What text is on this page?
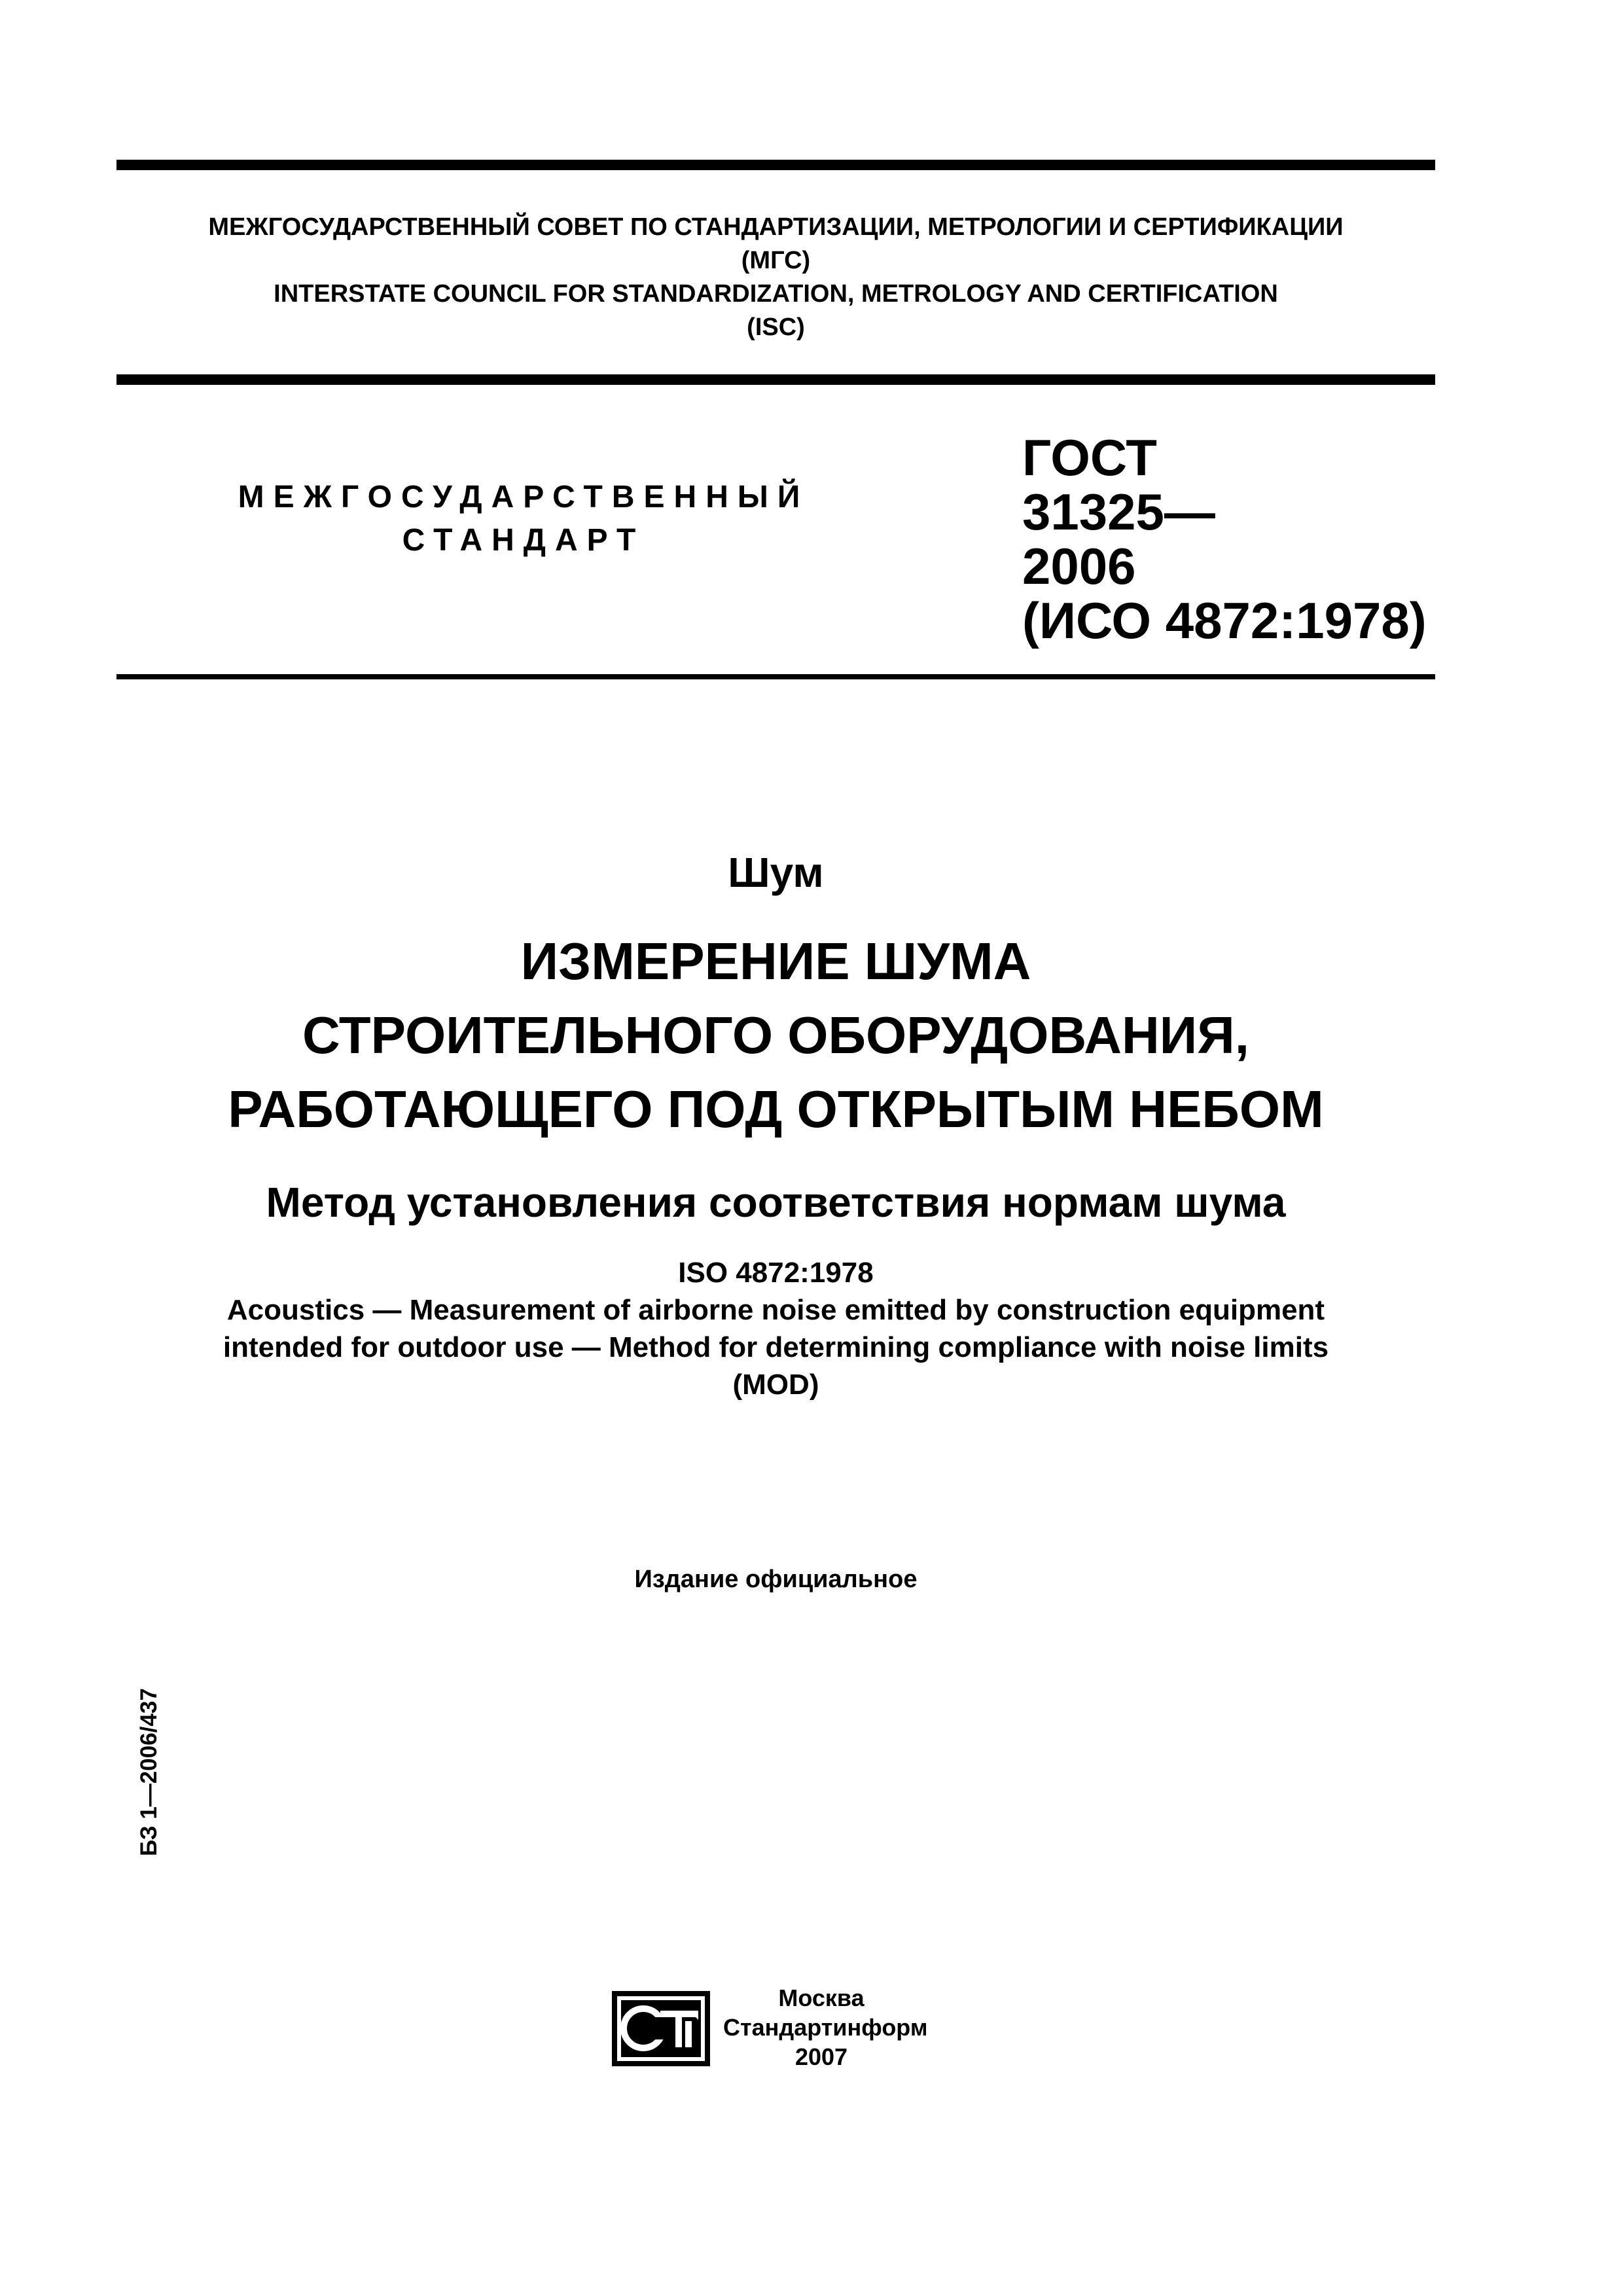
МЕЖГОСУДАРСТВЕННЫЙ СОВЕТ ПО СТАНДАРТИЗАЦИИ, МЕТРОЛОГИИ И СЕРТИФИКАЦИИ
(МГС)
INTERSTATE COUNCIL FOR STANDARDIZATION, METROLOGY AND CERTIFICATION
(ISC)
МЕЖГОСУДАРСТВЕННЫЙ
СТАНДАРТ
ГОСТ
31325—
2006
(ИСО 4872:1978)
Шум
ИЗМЕРЕНИЕ ШУМА
СТРОИТЕЛЬНОГО ОБОРУДОВАНИЯ,
РАБОТАЮЩЕГО ПОД ОТКРЫТЫМ НЕБОМ
Метод установления соответствия нормам шума
ISO 4872:1978
Acoustics — Measurement of airborne noise emitted by construction equipment
intended for outdoor use — Method for determining compliance with noise limits
(MOD)
Издание официальное
БЗ 1—2006/437
Москва
Стандартинформ
2007
